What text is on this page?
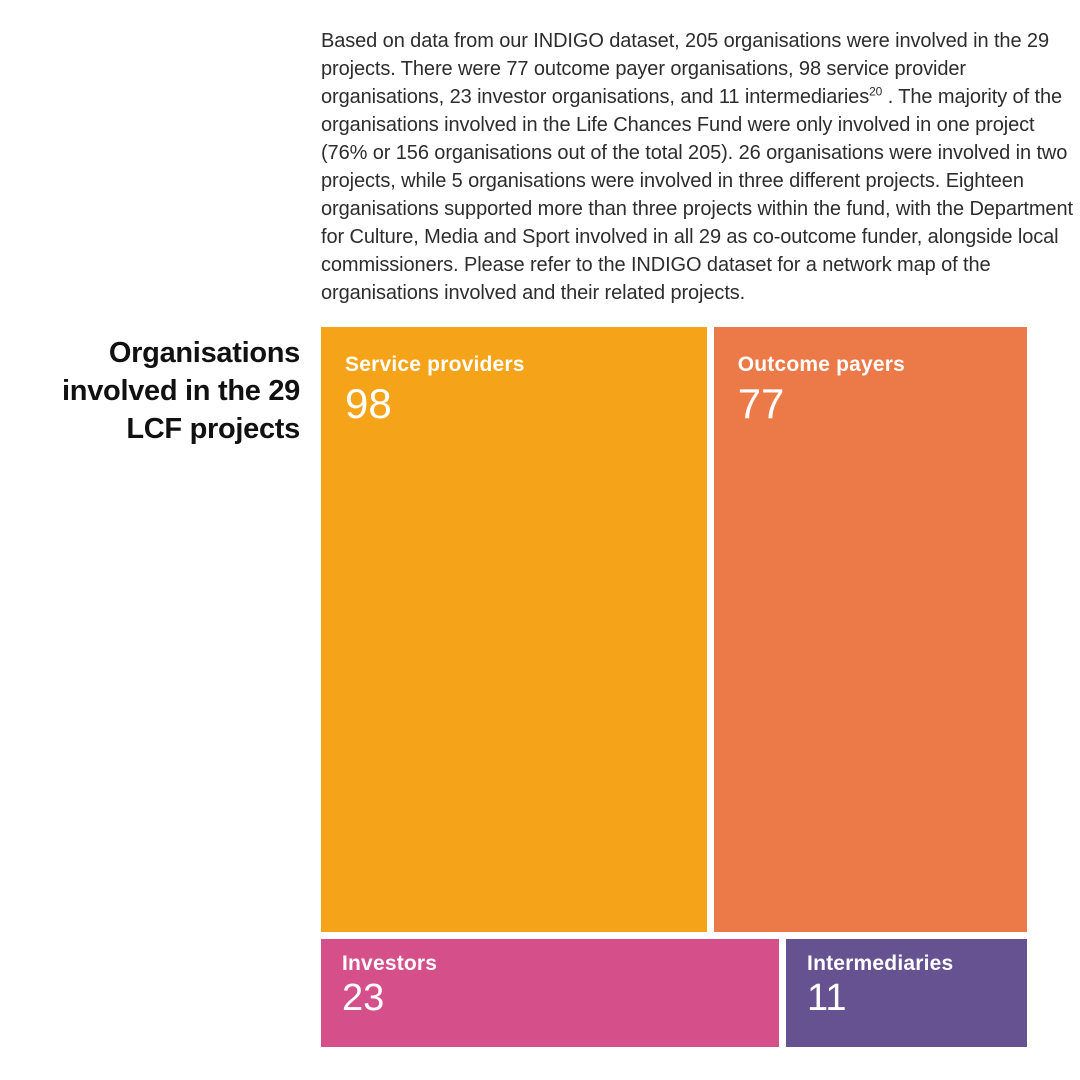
Based on data from our INDIGO dataset, 205 organisations were involved in the 29 projects. There were 77 outcome payer organisations, 98 service provider organisations, 23 investor organisations, and 11 intermediaries$^{20}$ . The majority of the organisations involved in the Life Chances Fund were only involved in one project (76% or 156 organisations out of the total 205). 26 organisations were involved in two projects, while 5 organisations were involved in three different projects. Eighteen organisations supported more than three projects within the fund, with the Department for Culture, Media and Sport involved in all 29 as co-outcome funder, alongside local commissioners. Please refer to the INDIGO dataset for a network map of the organisations involved and their related projects.

Organisations
involved in the 29
LCF projects
Service providers
98
Outcome payers
77
Investors
23
Intermediaries
11
